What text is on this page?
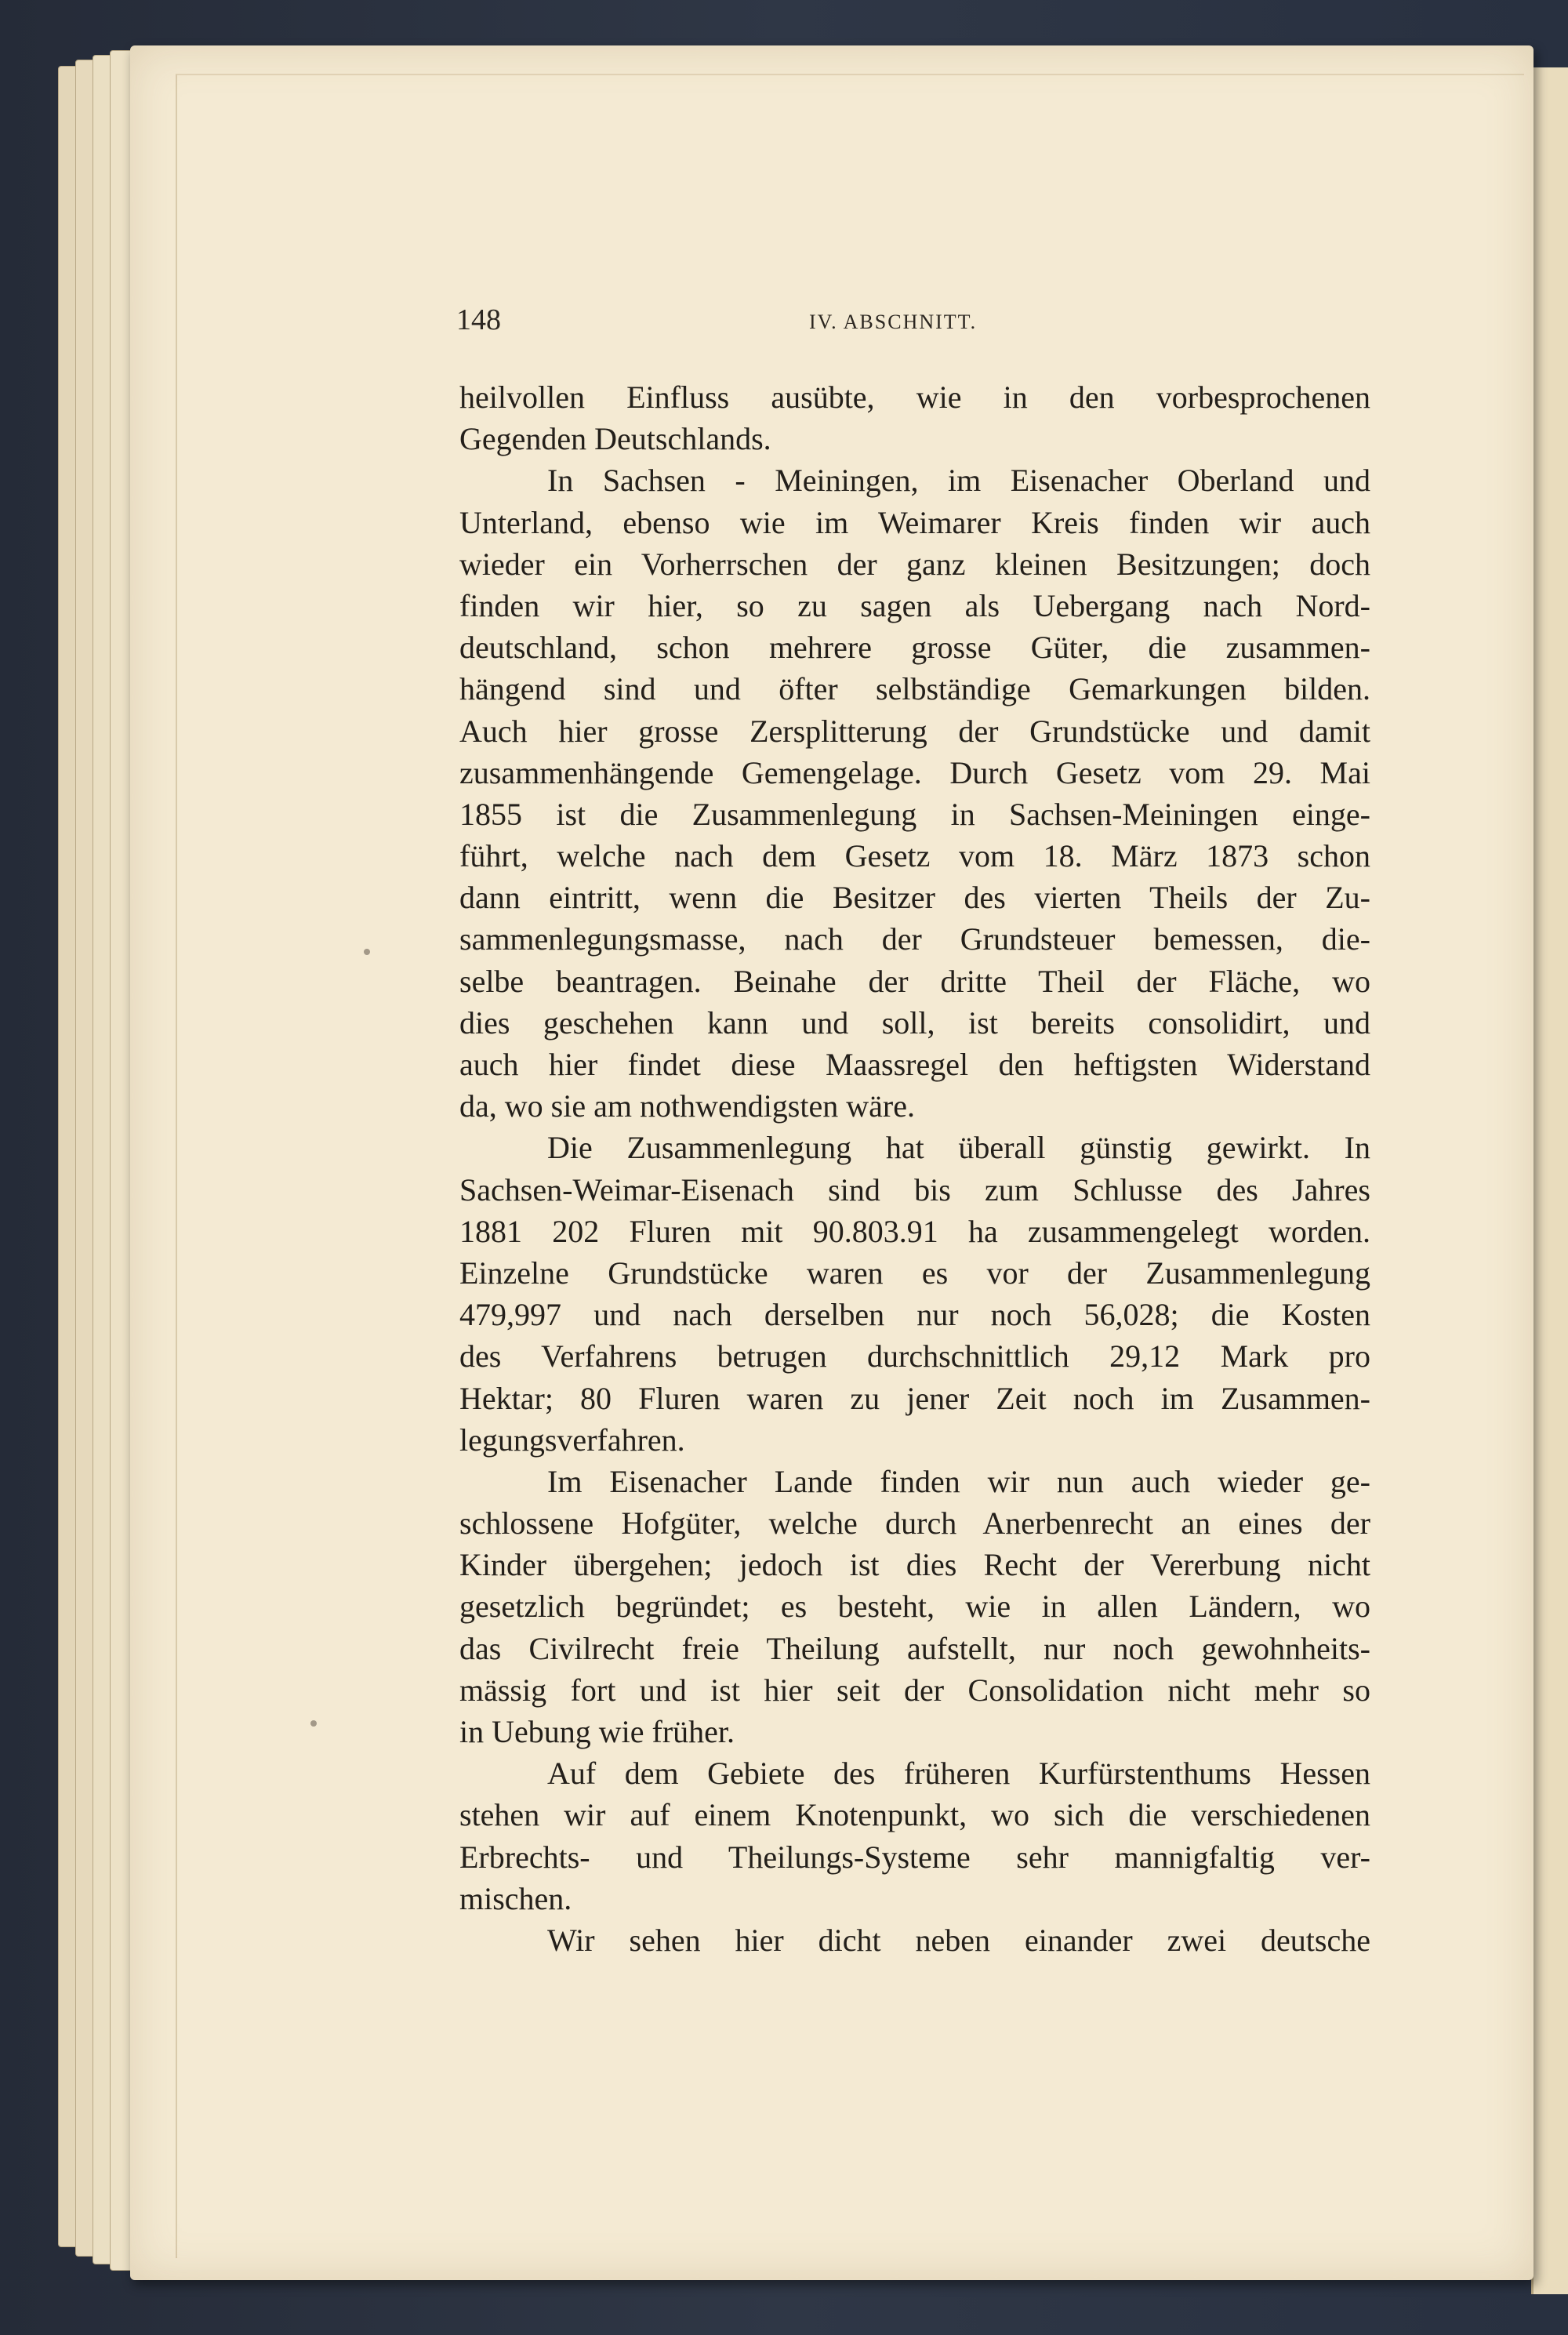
148	IV. ABSCHNITT.
heilvollen Einfluss ausübte, wie in den vorbesprochenen
Gegenden Deutschlands.
In Sachsen - Meiningen, im Eisenacher Oberland und
Unterland, ebenso wie im Weimarer Kreis finden wir auch
wieder ein Vorherrschen der ganz kleinen Besitzungen; doch
finden wir hier, so zu sagen als Uebergang nach Nord-
deutschland, schon mehrere grosse Güter, die zusammen-
hängend sind und öfter selbständige Gemarkungen bilden.
Auch hier grosse Zersplitterung der Grundstücke und damit
zusammenhängende Gemengelage. Durch Gesetz vom 29. Mai
1855 ist die Zusammenlegung in Sachsen-Meiningen einge-
führt, welche nach dem Gesetz vom 18. März 1873 schon
dann eintritt, wenn die Besitzer des vierten Theils der Zu-
sammenlegungsmasse, nach der Grundsteuer bemessen, die-
selbe beantragen. Beinahe der dritte Theil der Fläche, wo
dies geschehen kann und soll, ist bereits consolidirt, und
auch hier findet diese Maassregel den heftigsten Widerstand
da, wo sie am nothwendigsten wäre.
Die Zusammenlegung hat überall günstig gewirkt. In
Sachsen-Weimar-Eisenach sind bis zum Schlusse des Jahres
1881 202 Fluren mit 90.803.91 ha zusammengelegt worden.
Einzelne Grundstücke waren es vor der Zusammenlegung
479,997 und nach derselben nur noch 56,028; die Kosten
des Verfahrens betrugen durchschnittlich 29,12 Mark pro
Hektar; 80 Fluren waren zu jener Zeit noch im Zusammen-
legungsverfahren.
Im Eisenacher Lande finden wir nun auch wieder ge-
schlossene Hofgüter, welche durch Anerbenrecht an eines der
Kinder übergehen; jedoch ist dies Recht der Vererbung nicht
gesetzlich begründet; es besteht, wie in allen Ländern, wo
das Civilrecht freie Theilung aufstellt, nur noch gewohnheits-
mässig fort und ist hier seit der Consolidation nicht mehr so
in Uebung wie früher.
Auf dem Gebiete des früheren Kurfürstenthums Hessen
stehen wir auf einem Knotenpunkt, wo sich die verschiedenen
Erbrechts- und Theilungs-Systeme sehr mannigfaltig ver-
mischen.
Wir sehen hier dicht neben einander zwei deutsche
